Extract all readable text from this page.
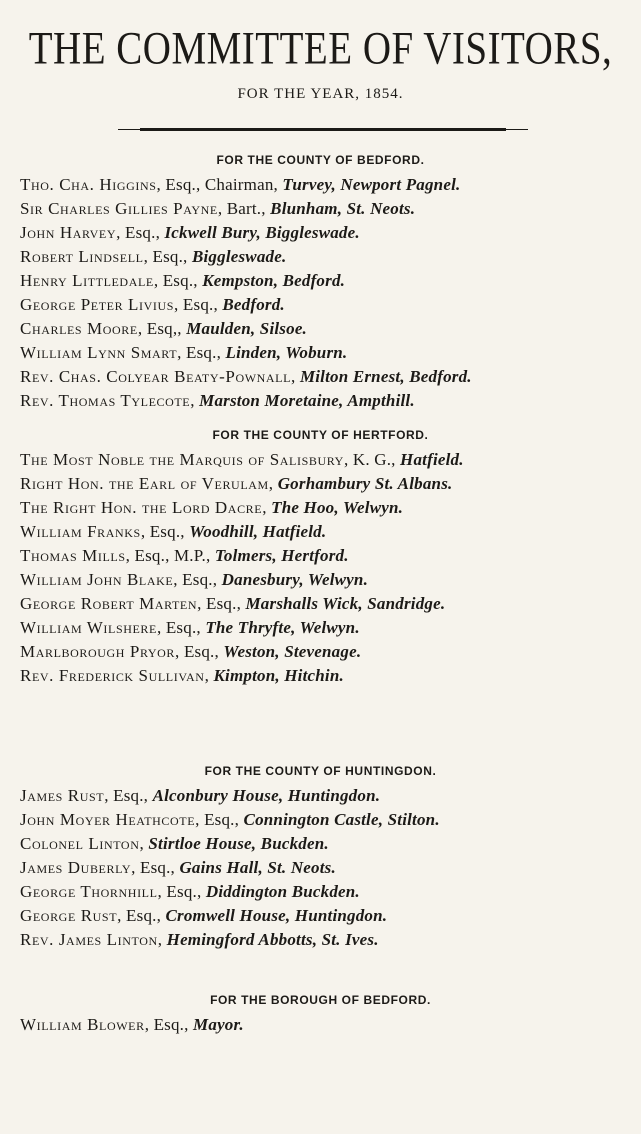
THE COMMITTEE OF VISITORS,
FOR THE YEAR, 1854.
FOR THE COUNTY OF BEDFORD.
Tho. Cha. Higgins, Esq., Chairman, Turvey, Newport Pagnel.
Sir Charles Gillies Payne, Bart., Blunham, St. Neots.
John Harvey, Esq., Ickwell Bury, Biggleswade.
Robert Lindsell, Esq., Biggleswade.
Henry Littledale, Esq., Kempston, Bedford.
George Peter Livius, Esq., Bedford.
Charles Moore, Esq,, Maulden, Silsoe.
William Lynn Smart, Esq., Linden, Woburn.
Rev. Chas. Colyear Beaty-Pownall, Milton Ernest, Bedford.
Rev. Thomas Tylecote, Marston Moretaine, Ampthill.
FOR THE COUNTY OF HERTFORD.
The Most Noble the Marquis of Salisbury, K. G., Hatfield.
Right Hon. the Earl of Verulam, Gorhambury St. Albans.
The Right Hon. the Lord Dacre, The Hoo, Welwyn.
William Franks, Esq., Woodhill, Hatfield.
Thomas Mills, Esq., M.P., Tolmers, Hertford.
William John Blake, Esq., Danesbury, Welwyn.
George Robert Marten, Esq., Marshalls Wick, Sandridge.
William Wilshere, Esq., The Thryfte, Welwyn.
Marlborough Pryor, Esq., Weston, Stevenage.
Rev. Frederick Sullivan, Kimpton, Hitchin.
FOR THE COUNTY OF HUNTINGDON.
James Rust, Esq., Alconbury House, Huntingdon.
John Moyer Heathcote, Esq., Connington Castle, Stilton.
Colonel Linton, Stirtloe House, Buckden.
James Duberly, Esq., Gains Hall, St. Neots.
George Thornhill, Esq., Diddington Buckden.
George Rust, Esq., Cromwell House, Huntingdon.
Rev. James Linton, Hemingford Abbotts, St. Ives.
FOR THE BOROUGH OF BEDFORD.
William Blower, Esq., Mayor.
